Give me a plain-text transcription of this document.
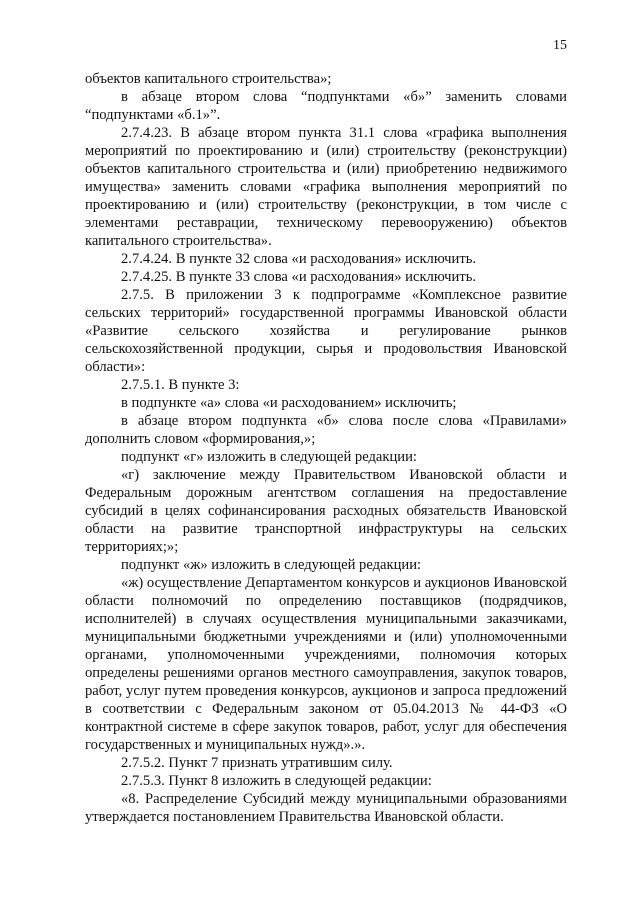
15

объектов капитального строительства»;

в абзаце втором слова “подпунктами «б»” заменить словами “подпунктами «б.1»”.

2.7.4.23. В абзаце втором пункта 31.1 слова «графика выполнения мероприятий по проектированию и (или) строительству (реконструкции) объектов капитального строительства и (или) приобретению недвижимого имущества» заменить словами «графика выполнения мероприятий по проектированию и (или) строительству (реконструкции, в том числе с элементами реставрации, техническому перевооружению) объектов капитального строительства».

2.7.4.24. В пункте 32 слова «и расходования» исключить.

2.7.4.25. В пункте 33 слова «и расходования» исключить.

2.7.5. В приложении 3 к подпрограмме «Комплексное развитие сельских территорий» государственной программы Ивановской области «Развитие сельского хозяйства и регулирование рынков сельскохозяйственной продукции, сырья и продовольствия Ивановской области»:

2.7.5.1. В пункте 3:

в подпункте «а» слова «и расходованием» исключить;

в абзаце втором подпункта «б» слова после слова «Правилами» дополнить словом «формирования,»;

подпункт «г» изложить в следующей редакции:

«г) заключение между Правительством Ивановской области и Федеральным дорожным агентством соглашения на предоставление субсидий в целях софинансирования расходных обязательств Ивановской области на развитие транспортной инфраструктуры на сельских территориях;»;

подпункт «ж» изложить в следующей редакции:

«ж) осуществление Департаментом конкурсов и аукционов Ивановской области полномочий по определению поставщиков (подрядчиков, исполнителей) в случаях осуществления муниципальными заказчиками, муниципальными бюджетными учреждениями и (или) уполномоченными органами, уполномоченными учреждениями, полномочия которых определены решениями органов местного самоуправления, закупок товаров, работ, услуг путем проведения конкурсов, аукционов и запроса предложений в соответствии с Федеральным законом от 05.04.2013 № 44-ФЗ «О контрактной системе в сфере закупок товаров, работ, услуг для обеспечения государственных и муниципальных нужд».».

2.7.5.2. Пункт 7 признать утратившим силу.

2.7.5.3. Пункт 8 изложить в следующей редакции:

«8. Распределение Субсидий между муниципальными образованиями утверждается постановлением Правительства Ивановской области.
